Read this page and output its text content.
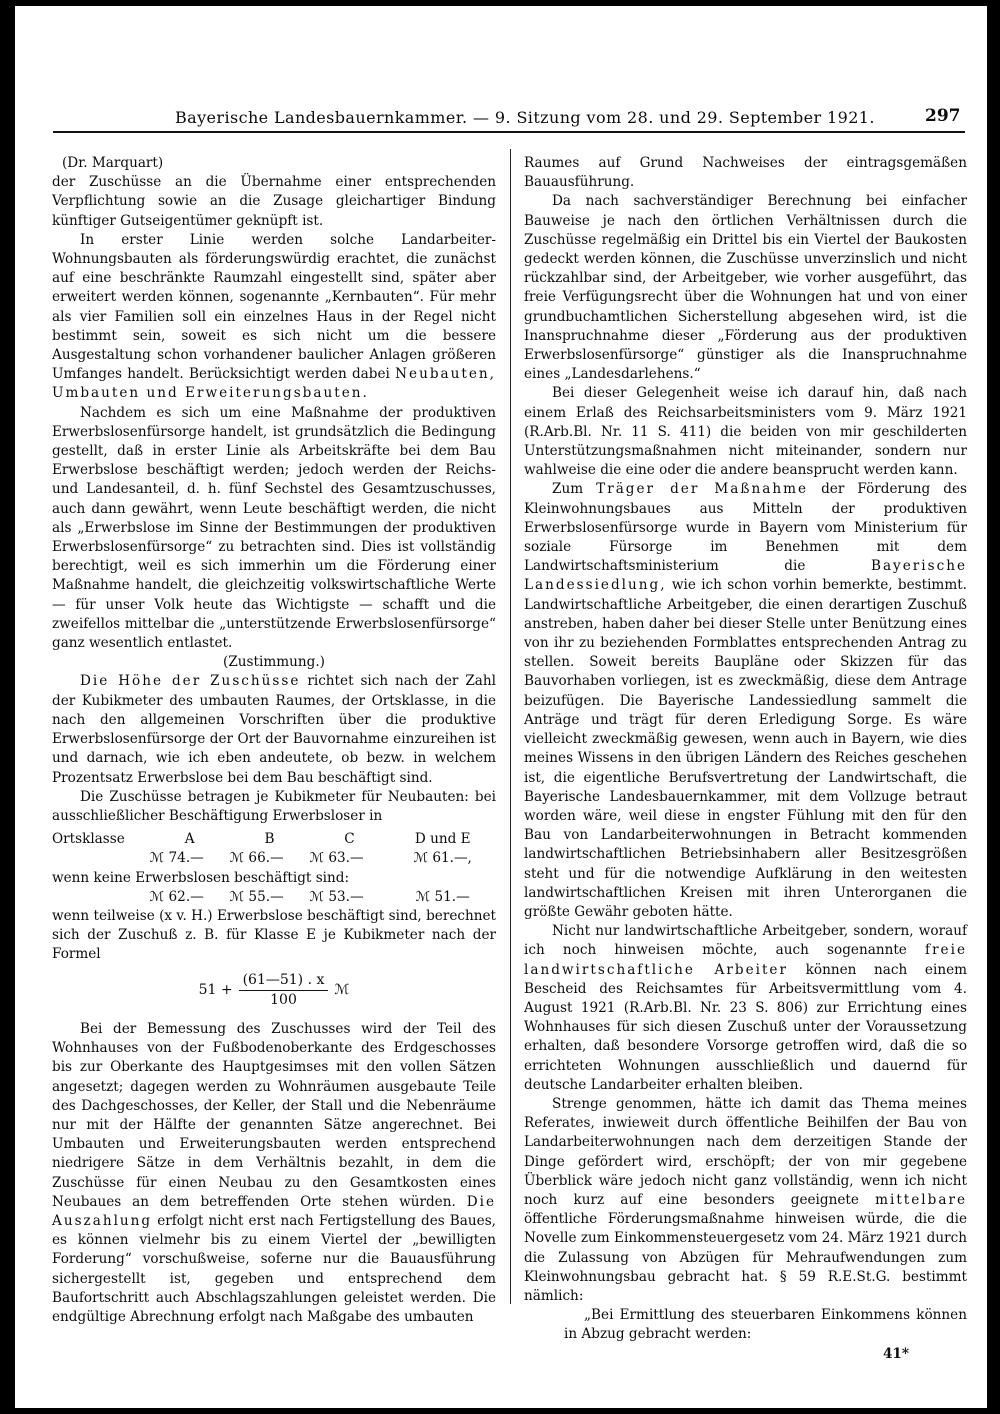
Bayerische Landesbauernkammer. — 9. Sitzung vom 28. und 29. September 1921.	297

(Dr. Marquart)

der Zuschüsse an die Übernahme einer entsprechenden Verpflichtung sowie an die Zusage gleichartiger Bindung künftiger Gutseigentümer geknüpft ist.

In erster Linie werden solche Landarbeiter-Wohnungsbauten als förderungswürdig erachtet, die zunächst auf eine beschränkte Raumzahl eingestellt sind, später aber erweitert werden können, sogenannte „Kernbauten“. Für mehr als vier Familien soll ein einzelnes Haus in der Regel nicht bestimmt sein, soweit es sich nicht um die bessere Ausgestaltung schon vorhandener baulicher Anlagen größeren Umfanges handelt. Berücksichtigt werden dabei Neubauten, Umbauten und Erweiterungsbauten.

Nachdem es sich um eine Maßnahme der produktiven Erwerbslosenfürsorge handelt, ist grundsätzlich die Bedingung gestellt, daß in erster Linie als Arbeitskräfte bei dem Bau Erwerbslose beschäftigt werden; jedoch werden der Reichs- und Landesanteil, d. h. fünf Sechstel des Gesamtzuschusses, auch dann gewährt, wenn Leute beschäftigt werden, die nicht als „Erwerbslose im Sinne der Bestimmungen der produktiven Erwerbslosenfürsorge“ zu betrachten sind. Dies ist vollständig berechtigt, weil es sich immerhin um die Förderung einer Maßnahme handelt, die gleichzeitig volkswirtschaftliche Werte — für unser Volk heute das Wichtigste — schafft und die zweifellos mittelbar die „unterstützende Erwerbslosenfürsorge“ ganz wesentlich entlastet.

(Zustimmung.)

Die Höhe der Zuschüsse richtet sich nach der Zahl der Kubikmeter des umbauten Raumes, der Ortsklasse, in die nach den allgemeinen Vorschriften über die produktive Erwerbslosenfürsorge der Ort der Bauvornahme einzureihen ist und darnach, wie ich eben andeutete, ob bezw. in welchem Prozentsatz Erwerbslose bei dem Bau beschäftigt sind.

Die Zuschüsse betragen je Kubikmeter für Neubauten: bei ausschließlicher Beschäftigung Erwerbsloser in

Ortsklasse	A	B	C	D und E
	ℳ 74.—	ℳ 66.—	ℳ 63.—	ℳ 61.—,
wenn keine Erwerbslosen beschäftigt sind:				
	ℳ 62.—	ℳ 55.—	ℳ 53.—	ℳ 51.—

wenn teilweise (x v. H.) Erwerbslose beschäftigt sind, berechnet sich der Zuschuß z. B. für Klasse E je Kubikmeter nach der Formel

$51 + \frac{(61—51) . x}{100}$ ℳ

Bei der Bemessung des Zuschusses wird der Teil des Wohnhauses von der Fußbodenoberkante des Erdgeschosses bis zur Oberkante des Hauptgesimses mit den vollen Sätzen angesetzt; dagegen werden zu Wohnräumen ausgebaute Teile des Dachgeschosses, der Keller, der Stall und die Nebenräume nur mit der Hälfte der genannten Sätze angerechnet. Bei Umbauten und Erweiterungsbauten werden entsprechend niedrigere Sätze in dem Verhältnis bezahlt, in dem die Zuschüsse für einen Neubau zu den Gesamtkosten eines Neubaues an dem betreffenden Orte stehen würden. Die Auszahlung erfolgt nicht erst nach Fertigstellung des Baues, es können vielmehr bis zu einem Viertel der „bewilligten Forderung“ vorschußweise, soferne nur die Bauausführung sichergestellt ist, gegeben und entsprechend dem Baufortschritt auch Abschlagszahlungen geleistet werden. Die endgültige Abrechnung erfolgt nach Maßgabe des umbauten

Raumes auf Grund Nachweises der eintragsgemäßen Bauausführung.

Da nach sachverständiger Berechnung bei einfacher Bauweise je nach den örtlichen Verhältnissen durch die Zuschüsse regelmäßig ein Drittel bis ein Viertel der Baukosten gedeckt werden können, die Zuschüsse unverzinslich und nicht rückzahlbar sind, der Arbeitgeber, wie vorher ausgeführt, das freie Verfügungsrecht über die Wohnungen hat und von einer grundbuchamtlichen Sicherstellung abgesehen wird, ist die Inanspruchnahme dieser „Förderung aus der produktiven Erwerbslosenfürsorge“ günstiger als die Inanspruchnahme eines „Landesdarlehens.“

Bei dieser Gelegenheit weise ich darauf hin, daß nach einem Erlaß des Reichsarbeitsministers vom 9. März 1921 (R.Arb.Bl. Nr. 11 S. 411) die beiden von mir geschilderten Unterstützungsmaßnahmen nicht miteinander, sondern nur wahlweise die eine oder die andere beansprucht werden kann.

Zum Träger der Maßnahme der Förderung des Kleinwohnungsbaues aus Mitteln der produktiven Erwerbslosenfürsorge wurde in Bayern vom Ministerium für soziale Fürsorge im Benehmen mit dem Landwirtschaftsministerium die	Bayerische Landessiedlung, wie ich schon vorhin bemerkte, bestimmt. Landwirtschaftliche Arbeitgeber, die einen derartigen Zuschuß anstreben, haben daher bei dieser Stelle unter Benützung eines von ihr zu beziehenden Formblattes entsprechenden Antrag zu stellen. Soweit bereits Baupläne oder Skizzen für das Bauvorhaben vorliegen, ist es zweckmäßig, diese dem Antrage beizufügen. Die Bayerische Landessiedlung sammelt die Anträge und trägt für deren Erledigung Sorge. Es wäre vielleicht zweckmäßig gewesen, wenn auch in Bayern, wie dies meines Wissens in den übrigen Ländern des Reiches geschehen ist, die eigentliche Berufsvertretung der Landwirtschaft, die Bayerische Landesbauernkammer, mit dem Vollzuge betraut worden wäre, weil diese in engster Fühlung mit den für den Bau von Landarbeiterwohnungen in Betracht kommenden landwirtschaftlichen Betriebsinhabern aller Besitzesgrößen steht und für die notwendige Aufklärung in den weitesten landwirtschaftlichen Kreisen mit ihren Unterorganen die größte Gewähr geboten hätte.

Nicht nur landwirtschaftliche Arbeitgeber, sondern, worauf ich noch hinweisen möchte, auch sogenannte freie landwirtschaftliche Arbeiter können nach einem Bescheid des Reichsamtes für Arbeitsvermittlung vom 4. August 1921 (R.Arb.Bl. Nr. 23 S. 806) zur Errichtung eines Wohnhauses für sich diesen Zuschuß unter der Voraussetzung erhalten, daß besondere Vorsorge getroffen wird, daß die so errichteten Wohnungen ausschließlich und dauernd für deutsche Landarbeiter erhalten bleiben.

Strenge genommen, hätte ich damit das Thema meines Referates, inwieweit durch öffentliche Beihilfen der Bau von Landarbeiterwohnungen nach dem derzeitigen Stande der Dinge gefördert wird, erschöpft; der von mir gegebene Überblick wäre jedoch nicht ganz vollständig, wenn ich nicht noch kurz auf eine besonders geeignete mittelbare öffentliche Förderungsmaßnahme hinweisen würde, die die Novelle zum Einkommensteuergesetz vom 24. März 1921 durch die Zulassung von Abzügen für Mehraufwendungen zum Kleinwohnungsbau gebracht hat. § 59 R.E.St.G. bestimmt nämlich:

„Bei Ermittlung des steuerbaren Einkommens können in Abzug gebracht werden:

41*
